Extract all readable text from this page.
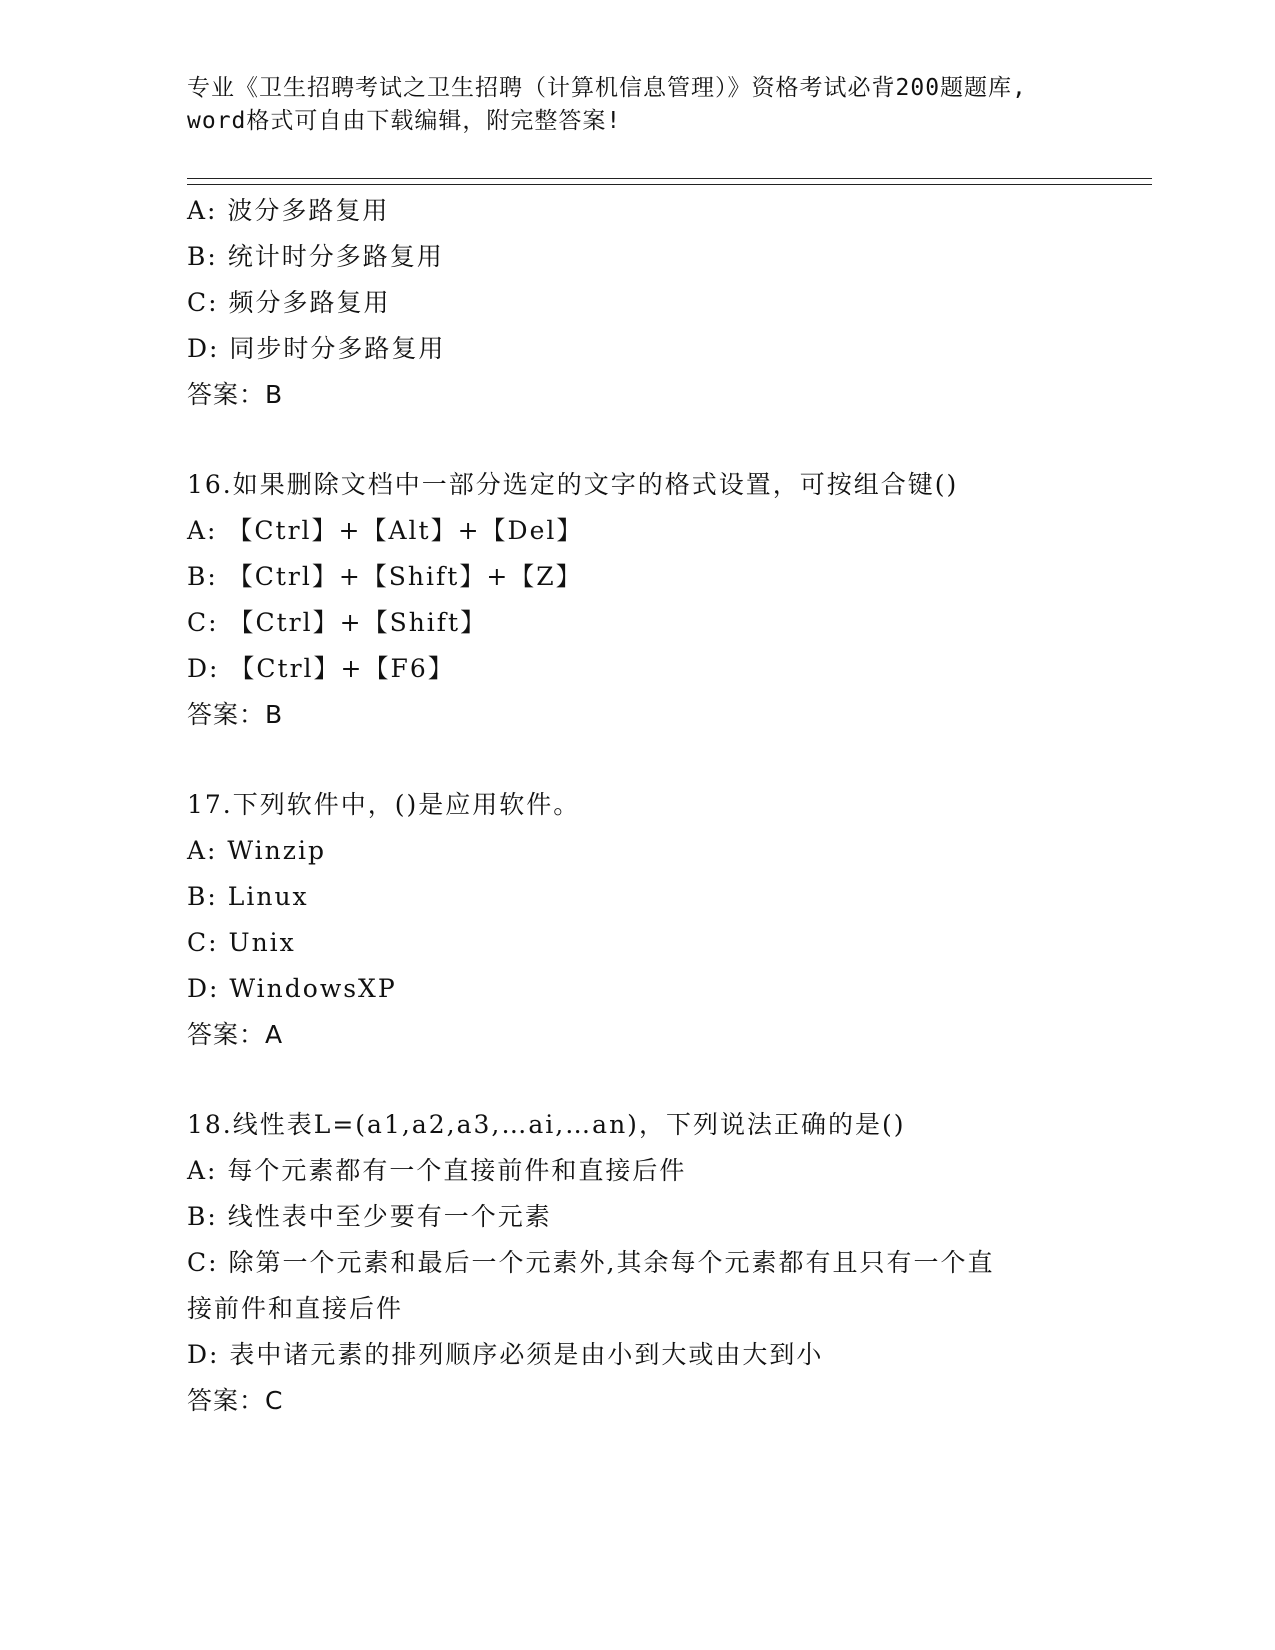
专业《卫生招聘考试之卫生招聘（计算机信息管理）》资格考试必背200题题库,
word格式可自由下载编辑，附完整答案!
A: 波分多路复用
B: 统计时分多路复用
C: 频分多路复用
D: 同步时分多路复用
答案：B
16.如果删除文档中一部分选定的文字的格式设置，可按组合键()
A: 【Ctrl】+【Alt】+【Del】
B: 【Ctrl】+【Shift】+【Z】
C: 【Ctrl】+【Shift】
D: 【Ctrl】+【F6】
答案：B
17.下列软件中，()是应用软件。
A: Winzip
B: Linux
C: Unix
D: WindowsXP
答案：A
18.线性表L=(a1,a2,a3,…ai,…an)，下列说法正确的是()
A: 每个元素都有一个直接前件和直接后件
B: 线性表中至少要有一个元素
C: 除第一个元素和最后一个元素外,其余每个元素都有且只有一个直
接前件和直接后件
D: 表中诸元素的排列顺序必须是由小到大或由大到小
答案：C
